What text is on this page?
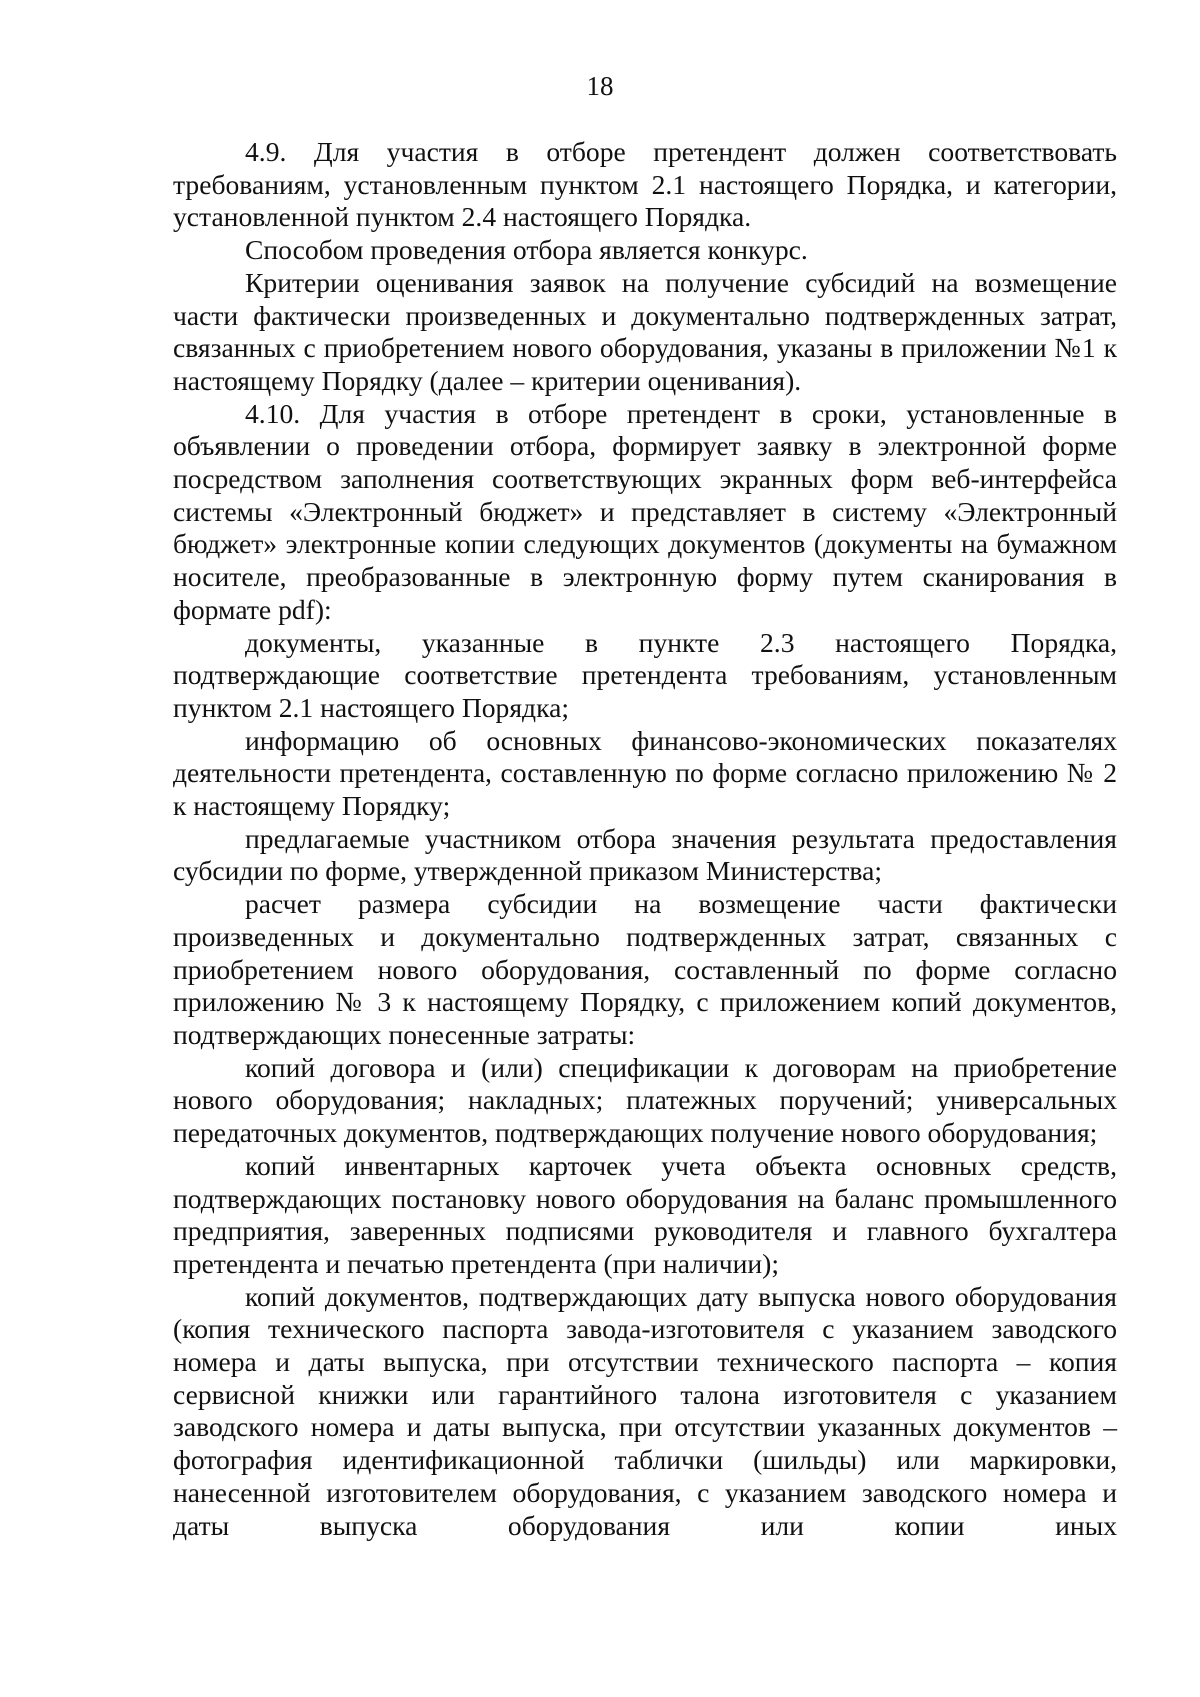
18

4.9. Для участия в отборе претендент должен соответствовать требованиям, установленным пунктом 2.1 настоящего Порядка, и категории, установленной пунктом 2.4 настоящего Порядка.

Способом проведения отбора является конкурс.

Критерии оценивания заявок на получение субсидий на возмещение части фактически произведенных и документально подтвержденных затрат, связанных с приобретением нового оборудования, указаны в приложении №1 к настоящему Порядку (далее – критерии оценивания).

4.10. Для участия в отборе претендент в сроки, установленные в объявлении о проведении отбора, формирует заявку в электронной форме посредством заполнения соответствующих экранных форм веб-интерфейса системы «Электронный бюджет» и представляет в систему «Электронный бюджет» электронные копии следующих документов (документы на бумажном носителе, преобразованные в электронную форму путем сканирования в формате pdf):

документы, указанные в пункте 2.3 настоящего Порядка, подтверждающие соответствие претендента требованиям, установленным пунктом 2.1 настоящего Порядка;

информацию об основных финансово-экономических показателях деятельности претендента, составленную по форме согласно приложению № 2 к настоящему Порядку;

предлагаемые участником отбора значения результата предоставления субсидии по форме, утвержденной приказом Министерства;

расчет размера субсидии на возмещение части фактически произведенных и документально подтвержденных затрат, связанных с приобретением нового оборудования, составленный по форме согласно приложению № 3 к настоящему Порядку, с приложением копий документов, подтверждающих понесенные затраты:

копий договора и (или) спецификации к договорам на приобретение нового оборудования; накладных; платежных поручений; универсальных передаточных документов, подтверждающих получение нового оборудования;

копий инвентарных карточек учета объекта основных средств, подтверждающих постановку нового оборудования на баланс промышленного предприятия, заверенных подписями руководителя и главного бухгалтера претендента и печатью претендента (при наличии);

копий документов, подтверждающих дату выпуска нового оборудования (копия технического паспорта завода-изготовителя с указанием заводского номера и даты выпуска, при отсутствии технического паспорта – копия сервисной книжки или гарантийного талона изготовителя с указанием заводского номера и даты выпуска, при отсутствии указанных документов – фотография идентификационной таблички (шильды) или маркировки, нанесенной изготовителем оборудования, с указанием заводского номера и даты выпуска оборудования или копии иных
